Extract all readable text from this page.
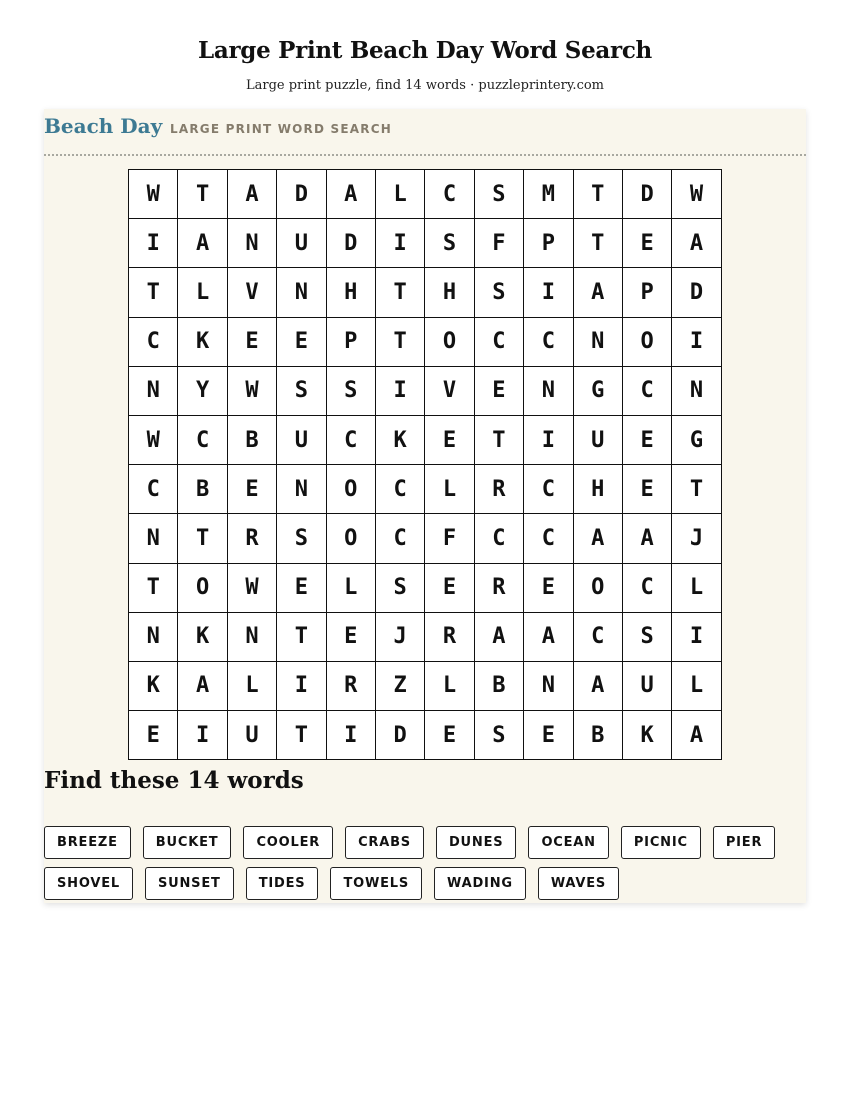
Large Print Beach Day Word Search
Large print puzzle, find 14 words · puzzleprintery.com
Beach Day LARGE PRINT WORD SEARCH
W	T	A	D	A	L	C	S	M	T	D	W
I	A	N	U	D	I	S	F	P	T	E	A
T	L	V	N	H	T	H	S	I	A	P	D
C	K	E	E	P	T	O	C	C	N	O	I
N	Y	W	S	S	I	V	E	N	G	C	N
W	C	B	U	C	K	E	T	I	U	E	G
C	B	E	N	O	C	L	R	C	H	E	T
N	T	R	S	O	C	F	C	C	A	A	J
T	O	W	E	L	S	E	R	E	O	C	L
N	K	N	T	E	J	R	A	A	C	S	I
K	A	L	I	R	Z	L	B	N	A	U	L
E	I	U	T	I	D	E	S	E	B	K	A
Find these 14 words
BREEZE	BUCKET	COOLER	CRABS	DUNES	OCEAN	PICNIC	PIER
SHOVEL	SUNSET	TIDES	TOWELS	WADING	WAVES
